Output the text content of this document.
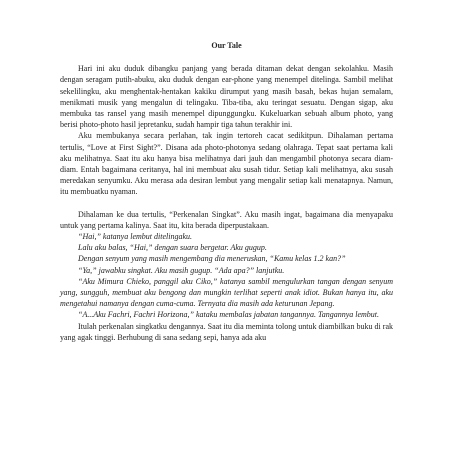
Our Tale

Hari ini aku duduk dibangku panjang yang berada ditaman dekat dengan sekolahku. Masih dengan seragam putih-abuku, aku duduk dengan ear-phone yang menempel ditelinga. Sambil melihat sekelilingku, aku menghentak-hentakan kakiku dirumput yang masih basah, bekas hujan semalam, menikmati musik yang mengalun di telingaku. Tiba-tiba, aku teringat sesuatu. Dengan sigap, aku membuka tas ransel yang masih menempel dipunggungku. Kukeluarkan sebuah album photo, yang berisi photo-photo hasil jepretanku, sudah hampir tiga tahun terakhir ini.

Aku membukanya secara perlahan, tak ingin tertoreh cacat sedikitpun. Dihalaman pertama tertulis, “Love at First Sight?”. Disana ada photo-photonya sedang olahraga. Tepat saat pertama kali aku melihatnya. Saat itu aku hanya bisa melihatnya dari jauh dan mengambil photonya secara diam-diam. Entah bagaimana ceritanya, hal ini membuat aku susah tidur. Setiap kali melihatnya, aku susah meredakan senyumku. Aku merasa ada desiran lembut yang mengalir setiap kali menatapnya. Namun, itu membuatku nyaman.

Dihalaman ke dua tertulis, “Perkenalan Singkat”. Aku masih ingat, bagaimana dia menyapaku untuk yang pertama kalinya. Saat itu, kita berada diperpustakaan.

“Hai,” katanya lembut ditelingaku.

Lalu aku balas, “Hai,” dengan suara bergetar. Aku gugup.

Dengan senyum yang masih mengembang dia meneruskan, “Kamu kelas 1.2 kan?”

“Ya,” jawabku singkat. Aku masih gugup. “Ada apa?” lanjutku.

“Aku Mimura Chieko, panggil aku Ciko,” katanya sambil mengulurkan tangan dengan senyum yang, sungguh, membuat aku bengong dan mungkin terlihat seperti anak idiot. Bukan hanya itu, aku mengetahui namanya dengan cuma-cuma. Ternyata dia masih ada keturunan Jepang.

“A...Aku Fachri, Fachri Horizona,” kataku membalas jabatan tangannya. Tangannya lembut.

Itulah perkenalan singkatku dengannya. Saat itu dia meminta tolong untuk diambilkan buku di rak yang agak tinggi. Berhubung di sana sedang sepi, hanya ada aku
